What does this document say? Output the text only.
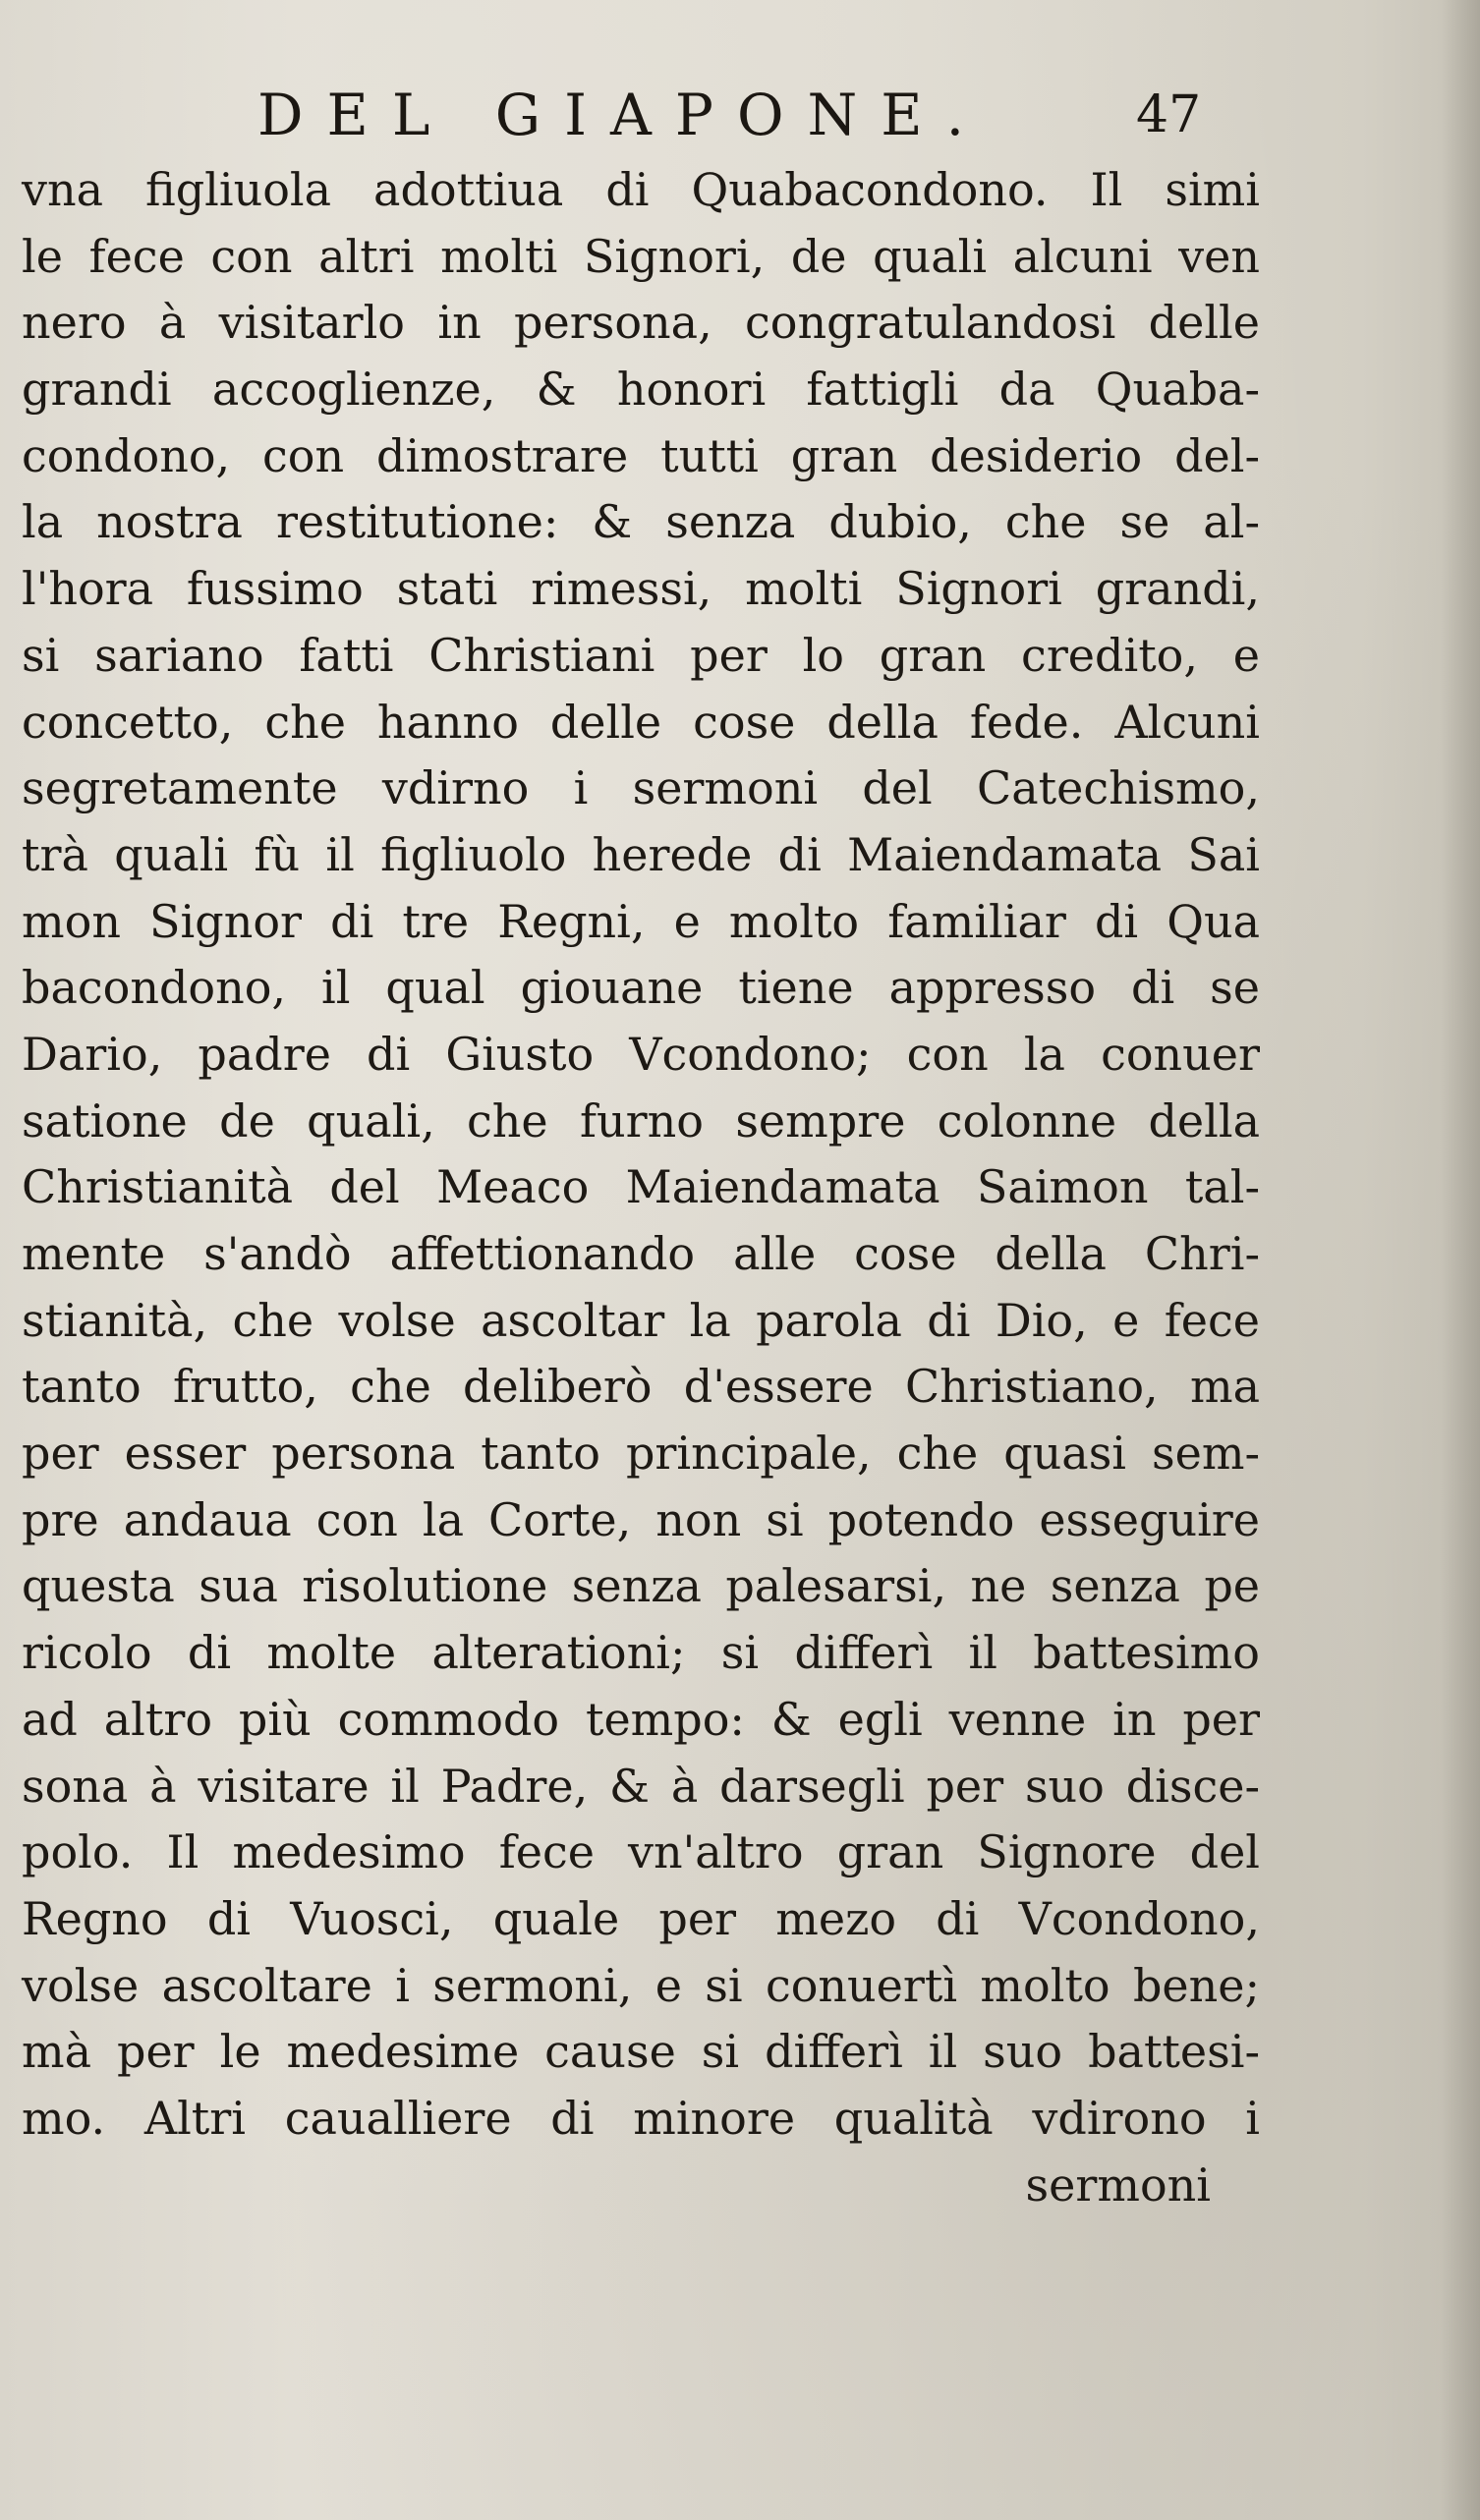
DEL GIAPONE.	47
vna figliuola adottiua di Quabacondono. Il simi
le fece con altri molti Signori, de quali alcuni ven
nero à visitarlo in persona, congratulandosi delle
grandi accoglienze, & honori fattigli da Quaba-
condono, con dimostrare tutti gran desiderio del-
la nostra restitutione: & senza dubio, che se al-
l'hora fussimo stati rimessi, molti Signori grandi,
si sariano fatti Christiani per lo gran credito, e
concetto, che hanno delle cose della fede. Alcuni
segretamente vdirno i sermoni del Catechismo,
trà quali fù il figliuolo herede di Maiendamata Sai
mon Signor di tre Regni, e molto familiar di Qua
bacondono, il qual giouane tiene appresso di se
Dario, padre di Giusto Vcondono; con la conuer
satione de quali, che furno sempre colonne della
Christianità del Meaco Maiendamata Saimon tal-
mente s'andò affettionando alle cose della Chri-
stianità, che volse ascoltar la parola di Dio, e fece
tanto frutto, che deliberò d'essere Christiano, ma
per esser persona tanto principale, che quasi sem-
pre andaua con la Corte, non si potendo esseguire
questa sua risolutione senza palesarsi, ne senza pe
ricolo di molte alterationi; si differì il battesimo
ad altro più commodo tempo: & egli venne in per
sona à visitare il Padre, & à darsegli per suo disce-
polo. Il medesimo fece vn'altro gran Signore del
Regno di Vuosci, quale per mezo di Vcondono,
volse ascoltare i sermoni, e si conuertì molto bene;
mà per le medesime cause si differì il suo battesi-
mo. Altri caualliere di minore qualità vdirono i
sermoni
